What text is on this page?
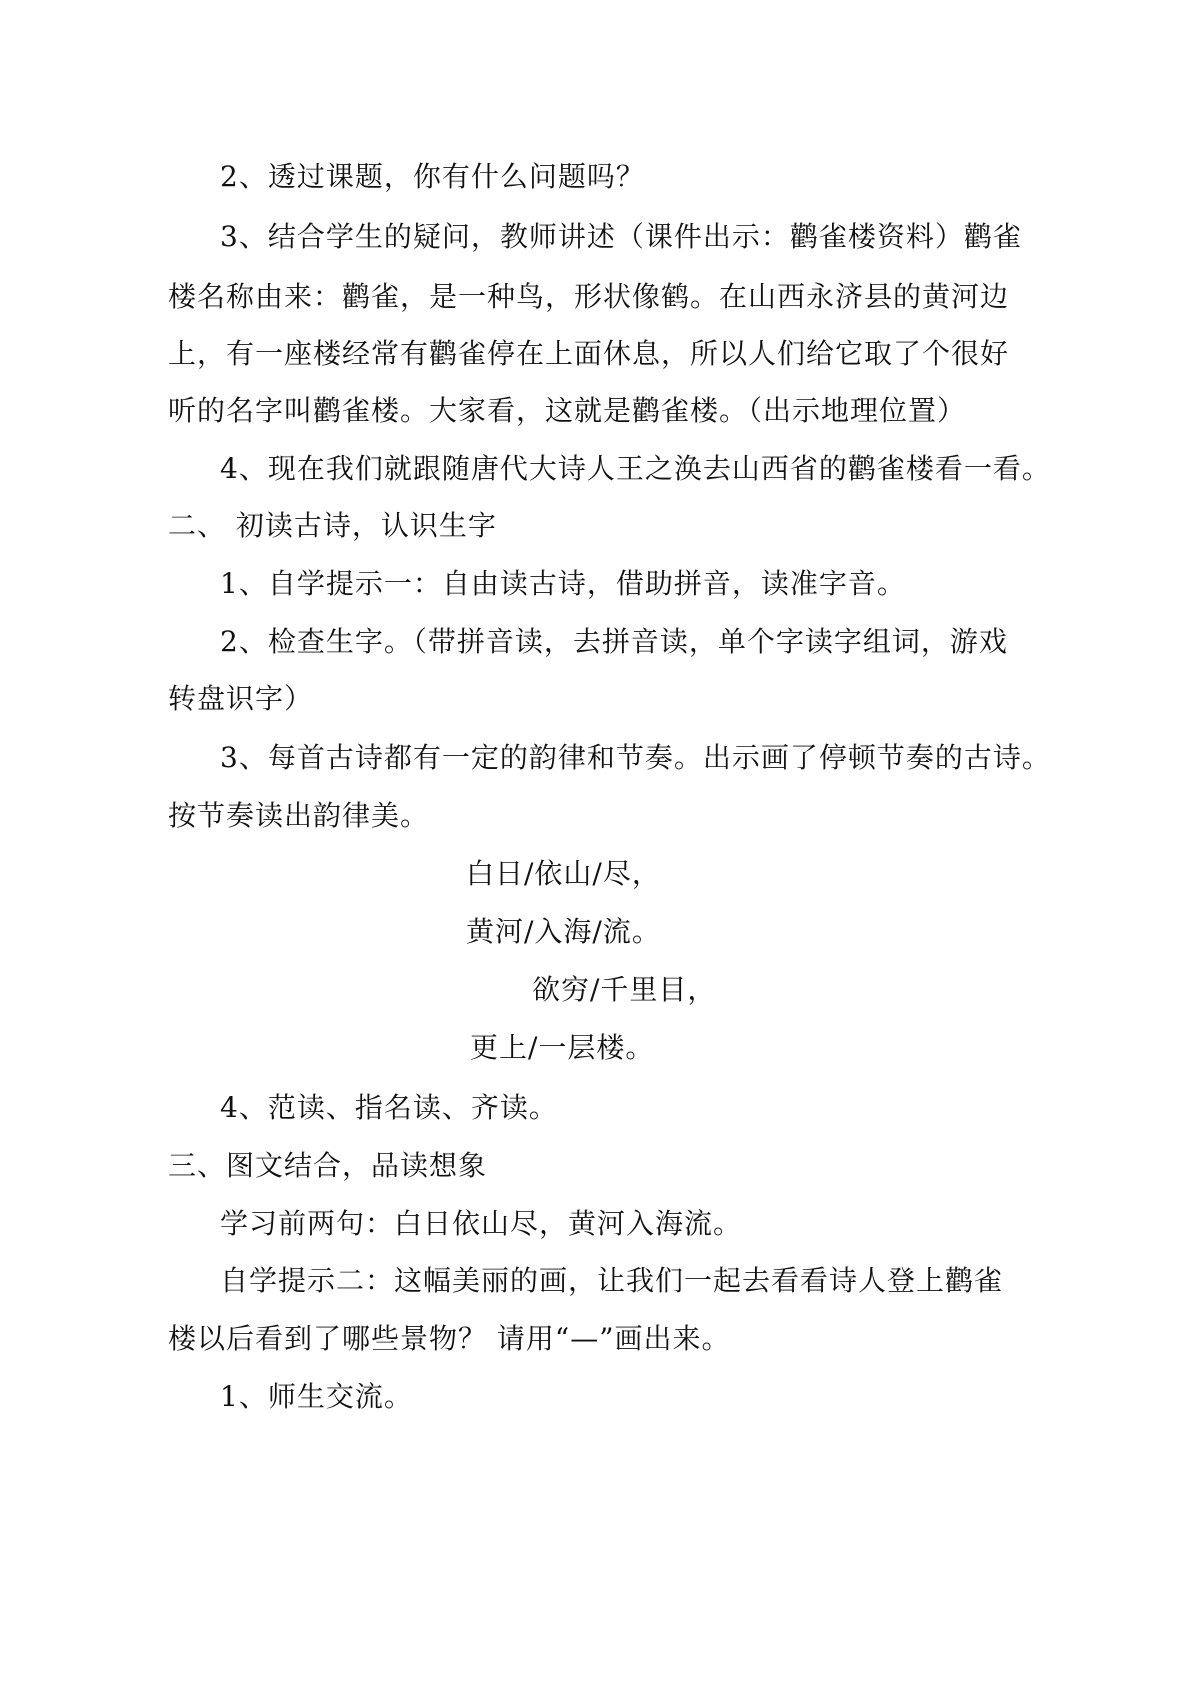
2、透过课题，你有什么问题吗？
3、结合学生的疑问，教师讲述（课件出示：鹳雀楼资料）鹳雀
楼名称由来：鹳雀，是一种鸟，形状像鹤。在山西永济县的黄河边
上，有一座楼经常有鹳雀停在上面休息，所以人们给它取了个很好
听的名字叫鹳雀楼。大家看，这就是鹳雀楼。（出示地理位置）
4、现在我们就跟随唐代大诗人王之涣去山西省的鹳雀楼看一看。
二、 初读古诗，认识生字
1、自学提示一：自由读古诗，借助拼音，读准字音。
2、检查生字。（带拼音读，去拼音读，单个字读字组词，游戏
转盘识字）
3、每首古诗都有一定的韵律和节奏。出示画了停顿节奏的古诗。
按节奏读出韵律美。
白日/依山/尽，
黄河/入海/流。
欲穷/千里目，
更上/一层楼。
4、范读、指名读、齐读。
三、图文结合，品读想象
学习前两句：白日依山尽，黄河入海流。
自学提示二：这幅美丽的画，让我们一起去看看诗人登上鹳雀
楼以后看到了哪些景物？ 请用“—”画出来。
1、师生交流。
